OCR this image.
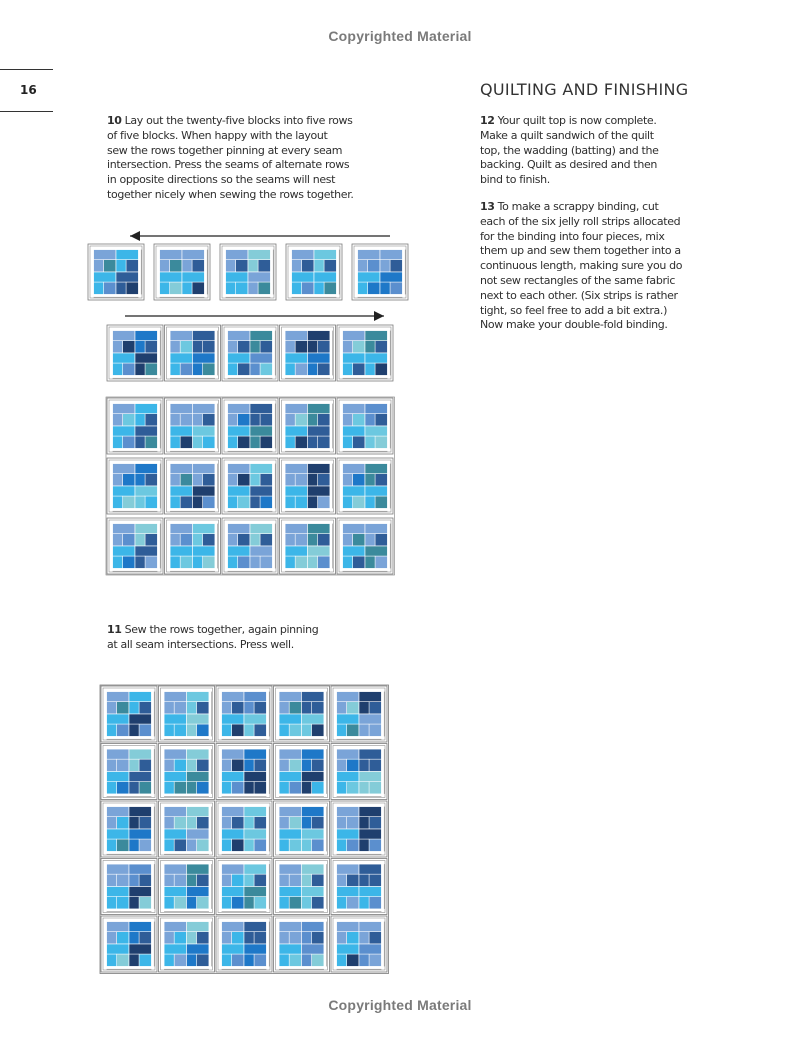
Copyrighted Material
16	QUILTING AND FINISHING
10 Lay out the twenty-five blocks into five rows
of five blocks. When happy with the layout
sew the rows together pinning at every seam
intersection. Press the seams of alternate rows
in opposite directions so the seams will nest
together nicely when sewing the rows together.
11 Sew the rows together, again pinning
at all seam intersections. Press well.
12 Your quilt top is now complete.
Make a quilt sandwich of the quilt
top, the wadding (batting) and the
backing. Quilt as desired and then
bind to finish.
13 To make a scrappy binding, cut
each of the six jelly roll strips allocated
for the binding into four pieces, mix
them up and sew them together into a
continuous length, making sure you do
not sew rectangles of the same fabric
next to each other. (Six strips is rather
tight, so feel free to add a bit extra.)
Now make your double-fold binding.
Copyrighted Material
